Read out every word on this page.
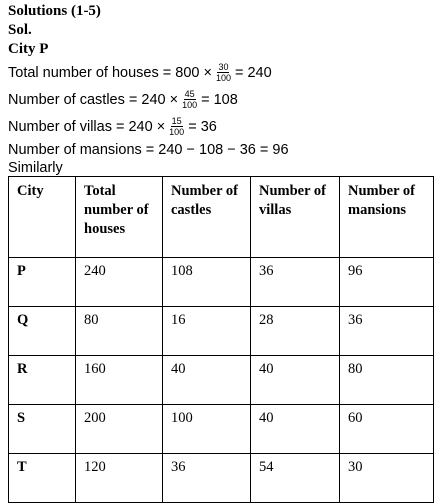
Solutions (1-5)
Sol.
City P
Total number of houses = $800 \times \frac{30}{100} = 240$
Number of castles = $240 \times \frac{45}{100} = 108$
Number of villas = $240 \times \frac{15}{100} = 36$
Number of mansions = 240 − 108 − 36 = 96
Similarly
City	Total number of houses	Number of castles	Number of villas	Number of mansions
P	240	108	36	96
Q	80	16	28	36
R	160	40	40	80
S	200	100	40	60
T	120	36	54	30
